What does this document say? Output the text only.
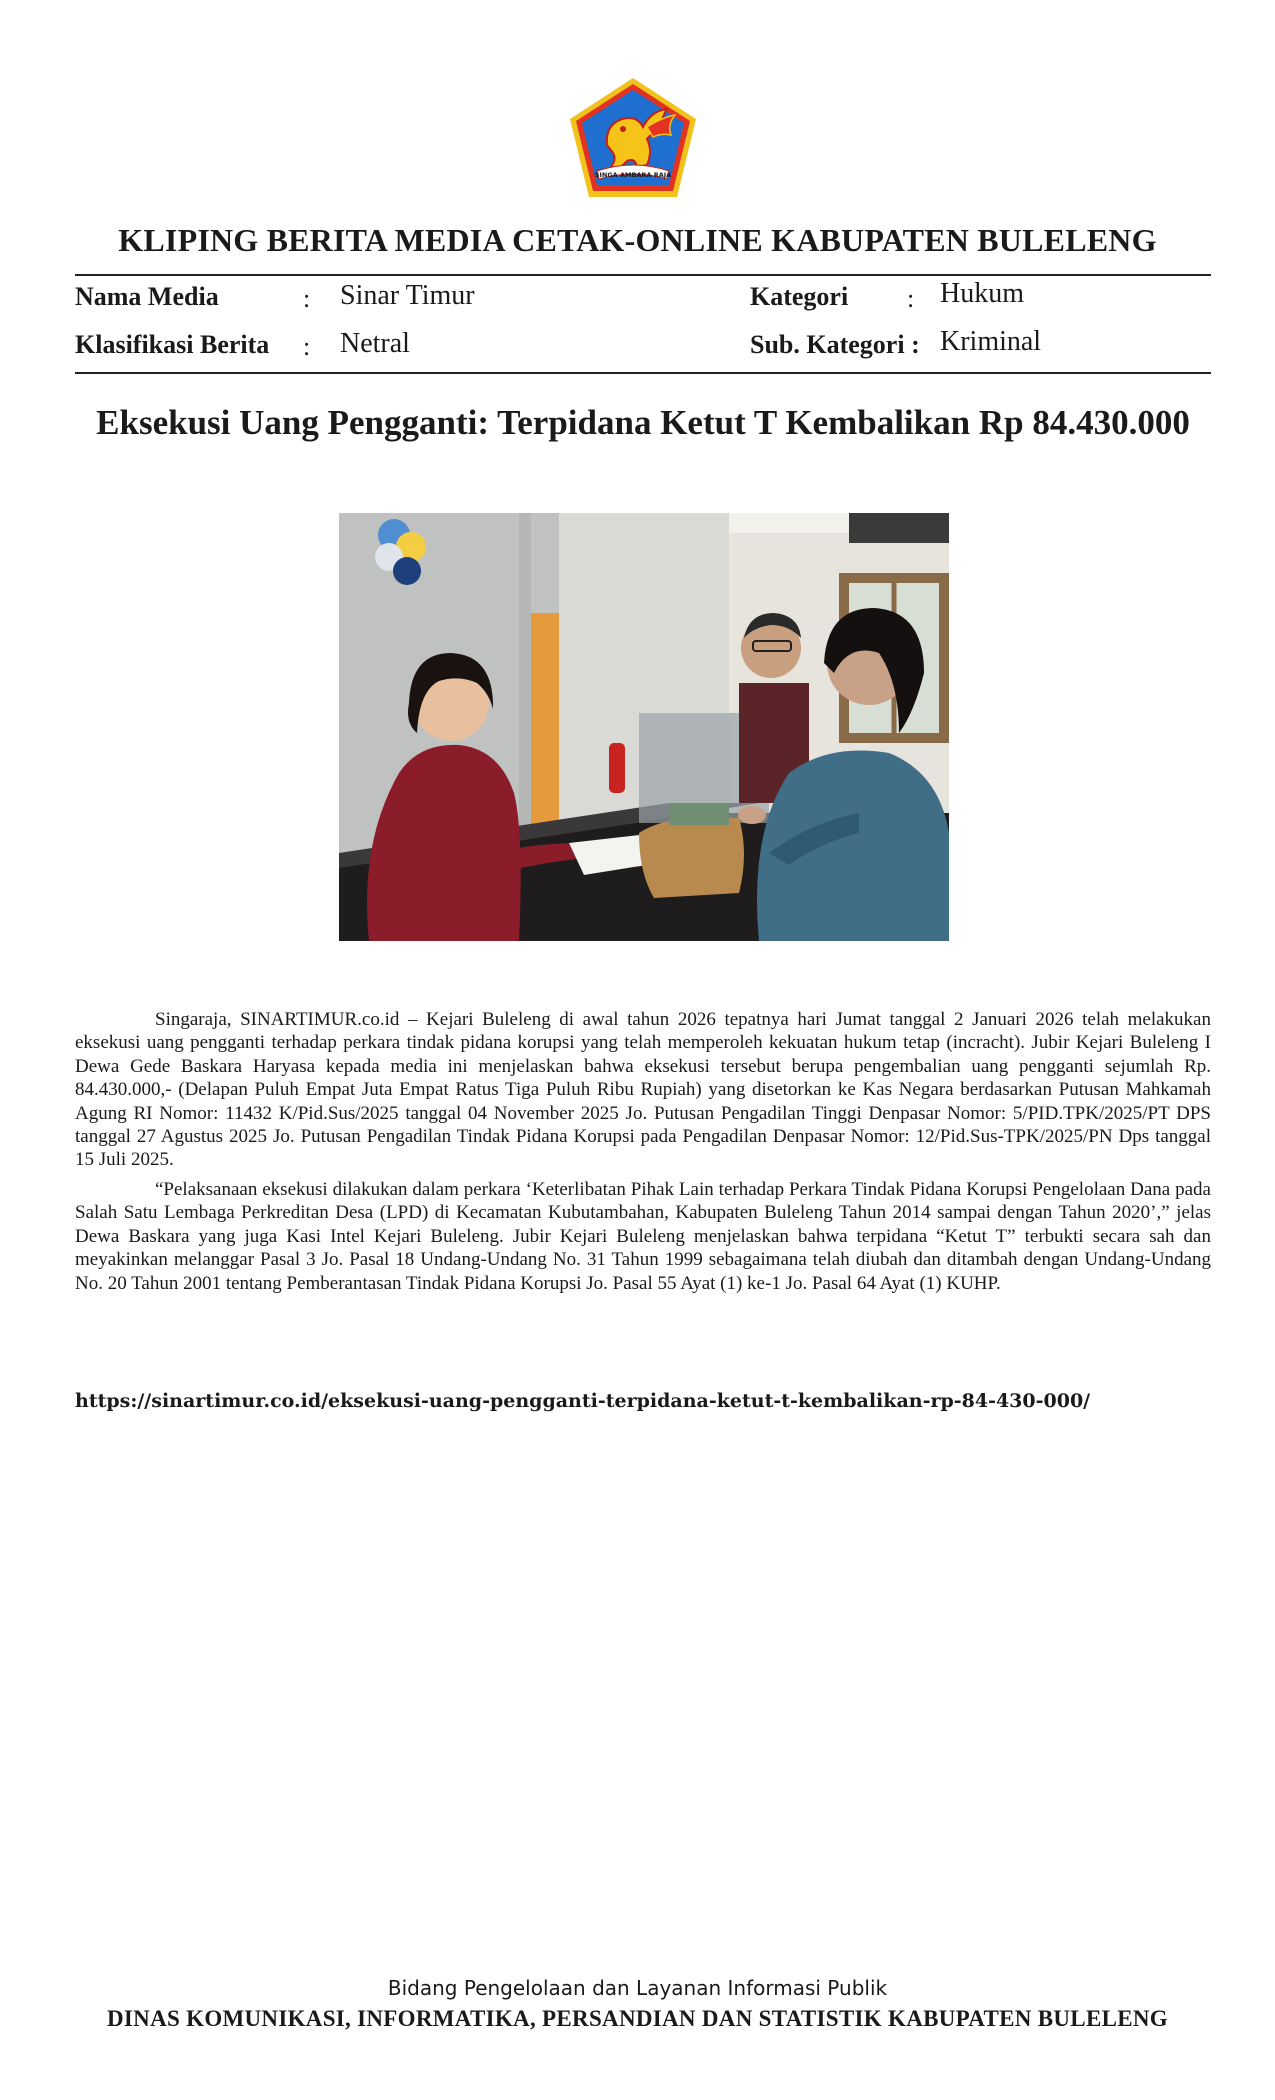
SINGA AMBARA RAJA
KLIPING BERITA MEDIA CETAK-ONLINE KABUPATEN BULELENG
Nama Media	: Sinar Timur	Kategori : Hukum
Klasifikasi Berita : Netral	Sub. Kategori : Kriminal
Eksekusi Uang Pengganti: Terpidana Ketut T Kembalikan Rp 84.430.000

Singaraja, SINARTIMUR.co.id – Kejari Buleleng di awal tahun 2026 tepatnya hari Jumat tanggal 2 Januari 2026 telah melakukan eksekusi uang pengganti terhadap perkara tindak pidana korupsi yang telah memperoleh kekuatan hukum tetap (incracht). Jubir Kejari Buleleng I Dewa Gede Baskara Haryasa kepada media ini menjelaskan bahwa eksekusi tersebut berupa pengembalian uang pengganti sejumlah Rp. 84.430.000,- (Delapan Puluh Empat Juta Empat Ratus Tiga Puluh Ribu Rupiah) yang disetorkan ke Kas Negara berdasarkan Putusan Mahkamah Agung RI Nomor: 11432 K/Pid.Sus/2025 tanggal 04 November 2025 Jo. Putusan Pengadilan Tinggi Denpasar Nomor: 5/PID.TPK/2025/PT DPS tanggal 27 Agustus 2025 Jo. Putusan Pengadilan Tindak Pidana Korupsi pada Pengadilan Denpasar Nomor: 12/Pid.Sus-TPK/2025/PN Dps tanggal 15 Juli 2025.

“Pelaksanaan eksekusi dilakukan dalam perkara ‘Keterlibatan Pihak Lain terhadap Perkara Tindak Pidana Korupsi Pengelolaan Dana pada Salah Satu Lembaga Perkreditan Desa (LPD) di Kecamatan Kubutambahan, Kabupaten Buleleng Tahun 2014 sampai dengan Tahun 2020’,” jelas Dewa Baskara yang juga Kasi Intel Kejari Buleleng. Jubir Kejari Buleleng menjelaskan bahwa terpidana “Ketut T” terbukti secara sah dan meyakinkan melanggar Pasal 3 Jo. Pasal 18 Undang-Undang No. 31 Tahun 1999 sebagaimana telah diubah dan ditambah dengan Undang-Undang No. 20 Tahun 2001 tentang Pemberantasan Tindak Pidana Korupsi Jo. Pasal 55 Ayat (1) ke-1 Jo. Pasal 64 Ayat (1) KUHP.

https://sinartimur.co.id/eksekusi-uang-pengganti-terpidana-ketut-t-kembalikan-rp-84-430-000/
Bidang Pengelolaan dan Layanan Informasi Publik
DINAS KOMUNIKASI, INFORMATIKA, PERSANDIAN DAN STATISTIK KABUPATEN BULELENG
